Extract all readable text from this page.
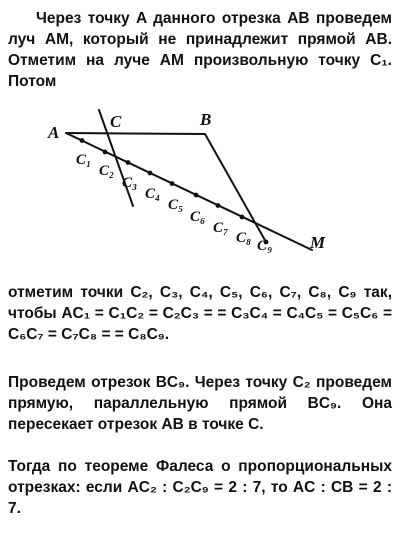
Через точку A данного отрезка AB проведем луч AM, который не принадлежит прямой AB. Отметим на луче AM произвольную точку C₁. Потом
A
C	B
M
C₁
C₂
C₃
C₄
C₅
C₆
C₇
C₈ C₉
отметим точки C₂, C₃, C₄, C₅, C₆, C₇, C₈, C₉ так, чтобы AC₁ = C₁C₂ = C₂C₃ = = C₃C₄ = C₄C₅ = C₅C₆ = C₆C₇ = C₇C₈ = = C₈C₉.
Проведем отрезок BC₉. Через точку C₂ проведем прямую, параллельную прямой BC₉. Она пересекает отрезок AB в точке C.
Тогда по теореме Фалеса о пропорциональных отрезках: если AC₂ : C₂C₉ = 2 : 7, то AC : CB = 2 : 7.
